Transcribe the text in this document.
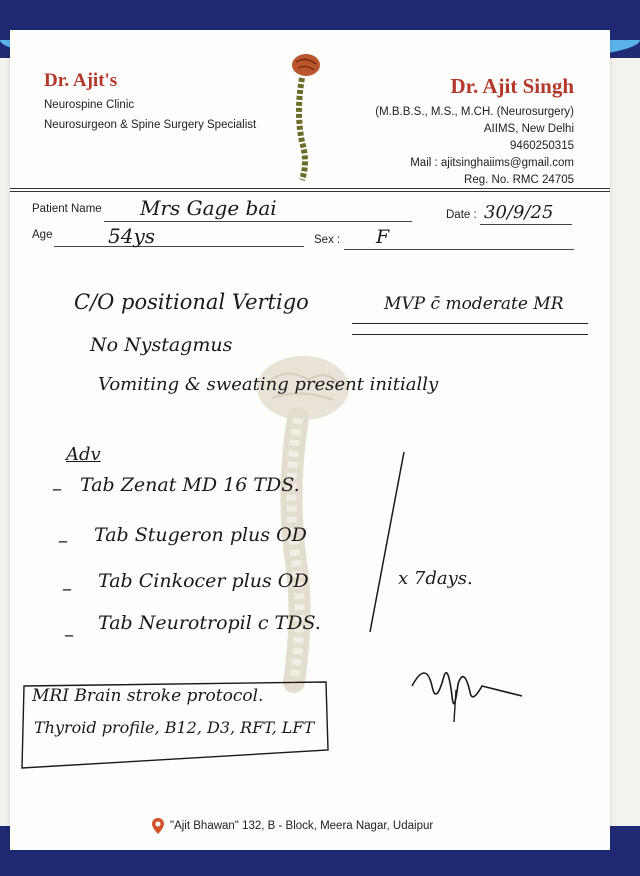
Dr. Ajit's
Neurospine Clinic
Neurosurgeon & Spine Surgery Specialist
Dr. Ajit Singh
(M.B.B.S., M.S., M.CH. (Neurosurgery)
AIIMS, New Delhi
9460250315
Mail : ajitsinghaiims@gmail.com
Reg. No. RMC 24705
Patient Name Mrs Gage bai	Date : 30/9/25
Age	54ys	Sex : F
C/O positional Vertigo
No Nystagmus
Vomiting & sweating present initially
MVP c̄ moderate MR
Adv
– Tab Zenat MD 16 TDS.
– Tab Stugeron plus OD
– Tab Cinkocer plus OD
– Tab Neurotropil c TDS.
x 7days.
MRI Brain stroke protocol.
Thyroid profile, B12, D3, RFT, LFT
"Ajit Bhawan" 132, B - Block, Meera Nagar, Udaipur
